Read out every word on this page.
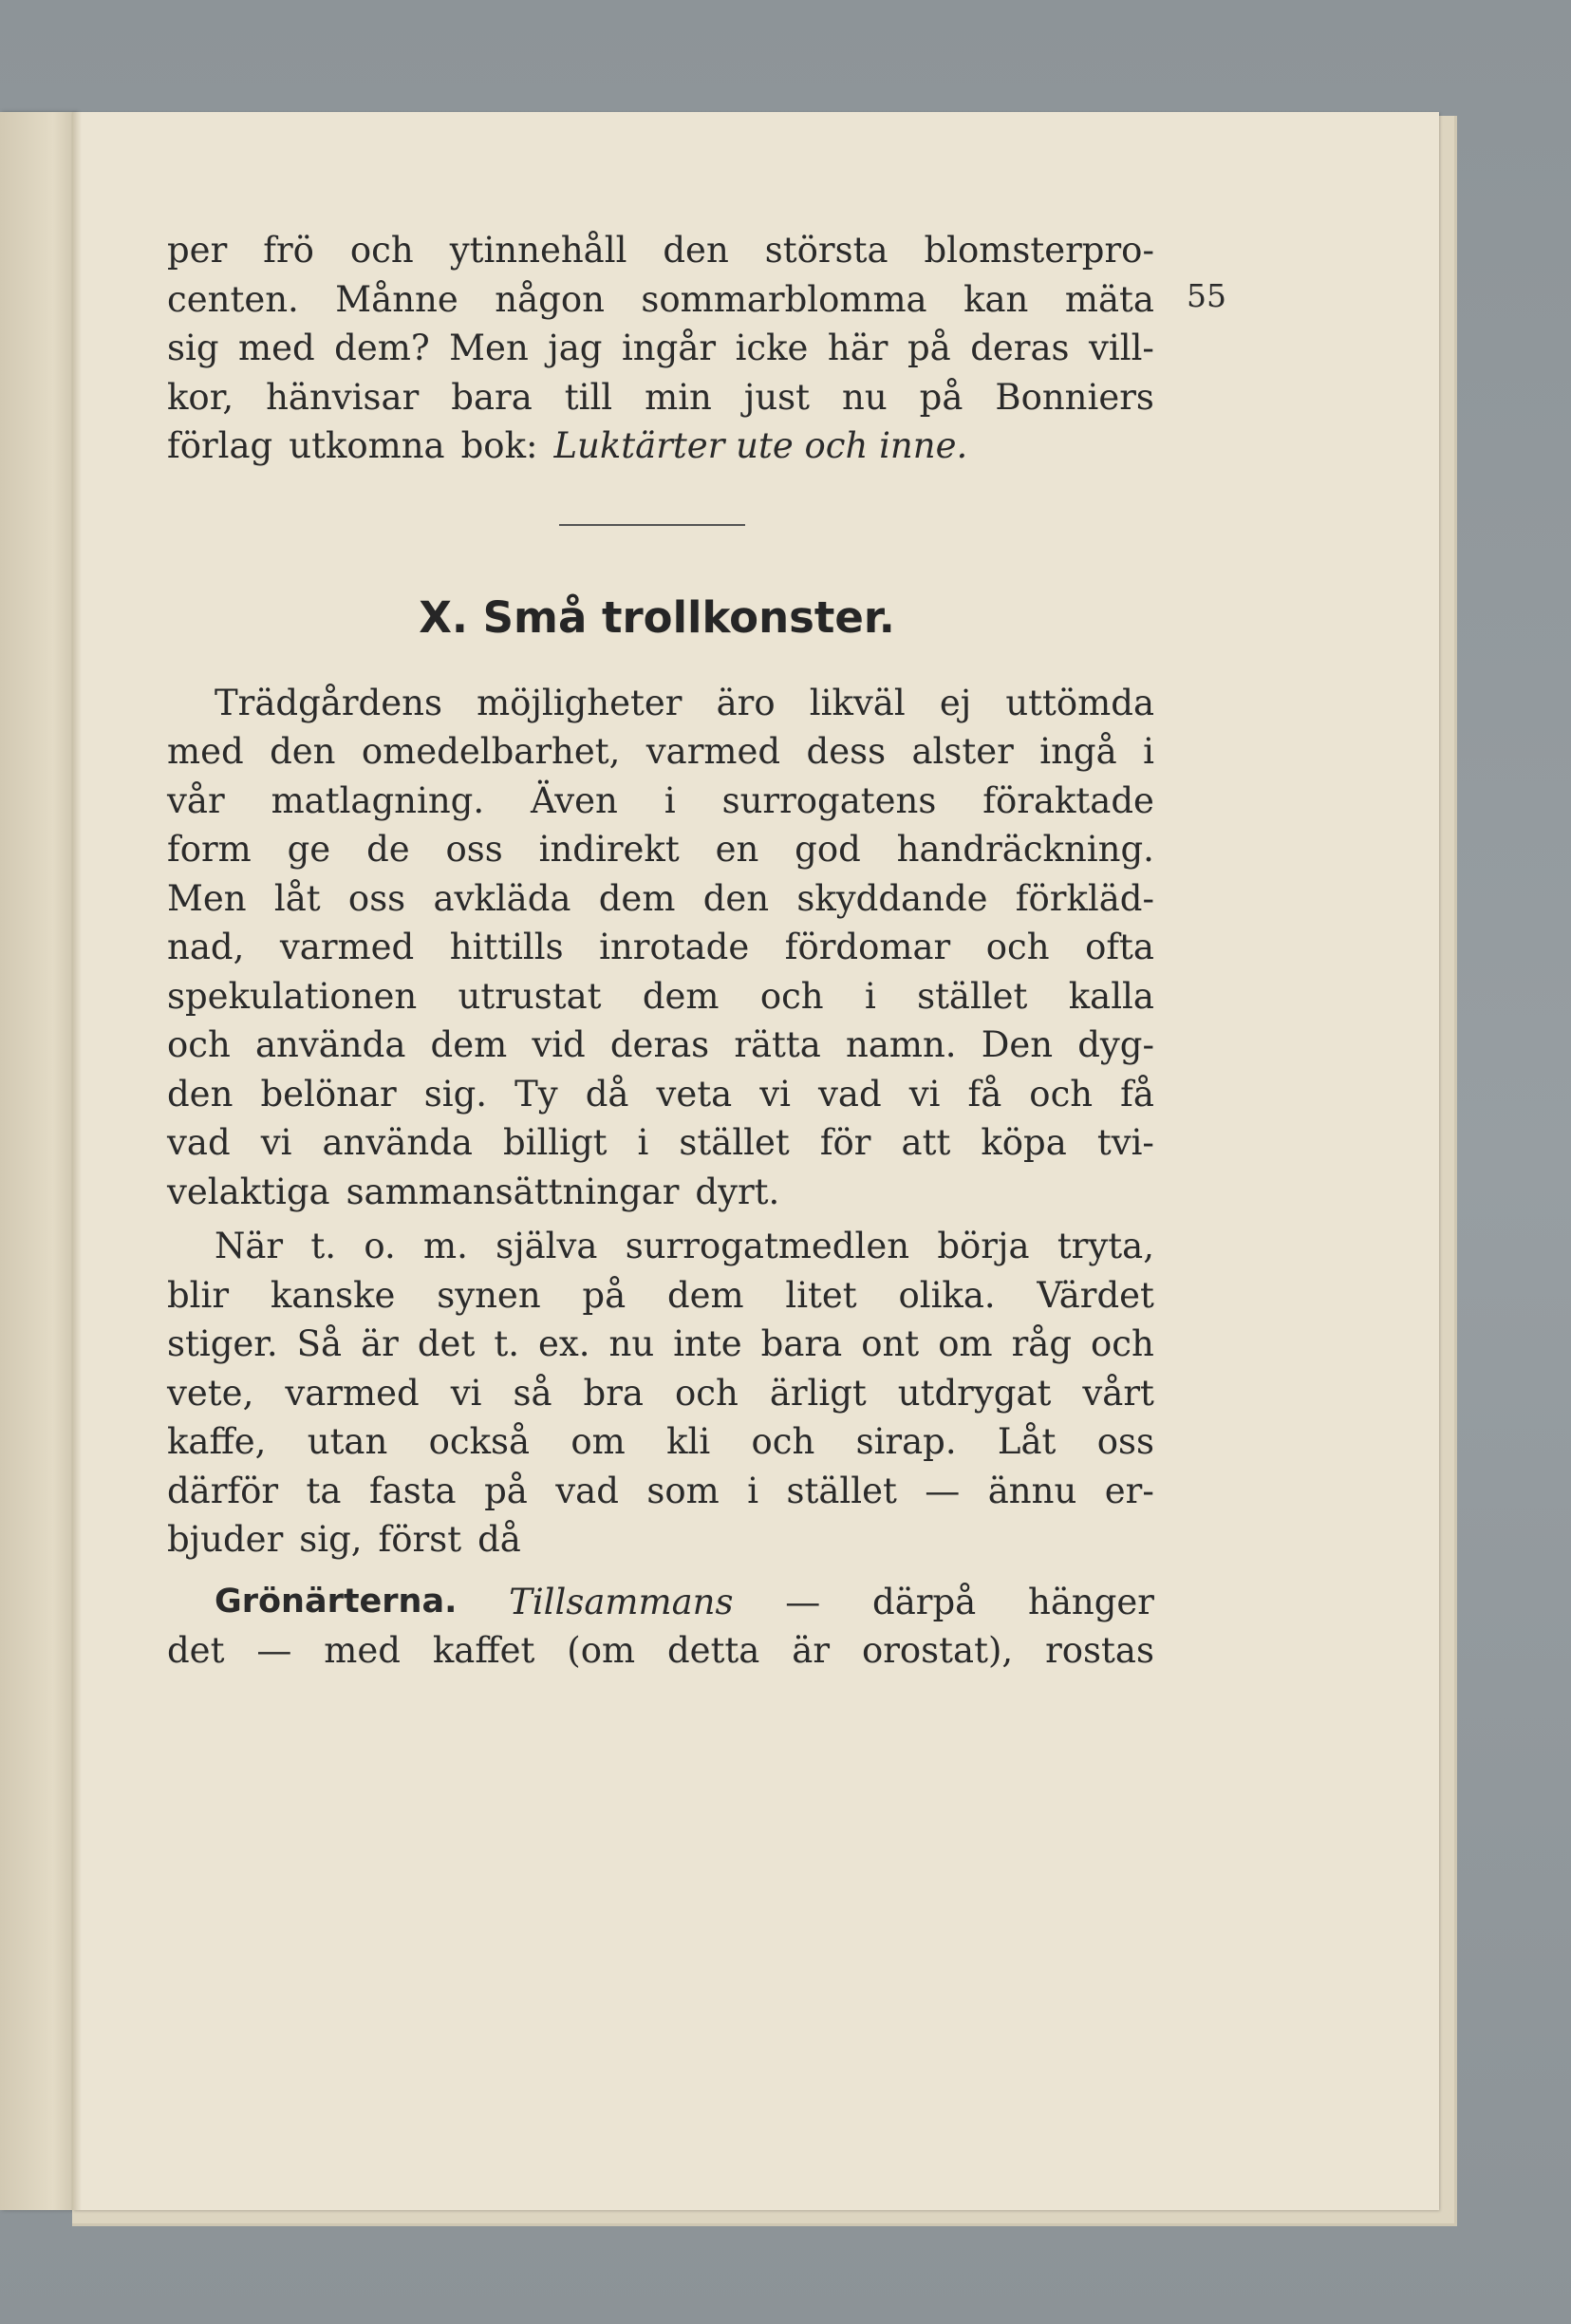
55
per frö och ytinnehåll den största blomsterpro-
centen. Månne någon sommarblomma kan mäta
sig med dem? Men jag ingår icke här på deras vill-
kor, hänvisar bara till min just nu på Bonniers
förlag utkomna bok: Luktärter ute och inne.
X. Små trollkonster.
Trädgårdens möjligheter äro likväl ej uttömda
med den omedelbarhet, varmed dess alster ingå i
vår matlagning. Även i surrogatens föraktade
form ge de oss indirekt en god handräckning.
Men låt oss avkläda dem den skyddande förkläd-
nad, varmed hittills inrotade fördomar och ofta
spekulationen utrustat dem och i stället kalla
och använda dem vid deras rätta namn. Den dyg-
den belönar sig. Ty då veta vi vad vi få och få
vad vi använda billigt i stället för att köpa tvi-
velaktiga sammansättningar dyrt.
När t. o. m. själva surrogatmedlen börja tryta,
blir kanske synen på dem litet olika. Värdet
stiger. Så är det t. ex. nu inte bara ont om råg och
vete, varmed vi så bra och ärligt utdrygat vårt
kaffe, utan också om kli och sirap. Låt oss
därför ta fasta på vad som i stället — ännu er-
bjuder sig, först då
Grönärterna. Tillsammans — därpå hänger
det — med kaffet (om detta är orostat), rostas
